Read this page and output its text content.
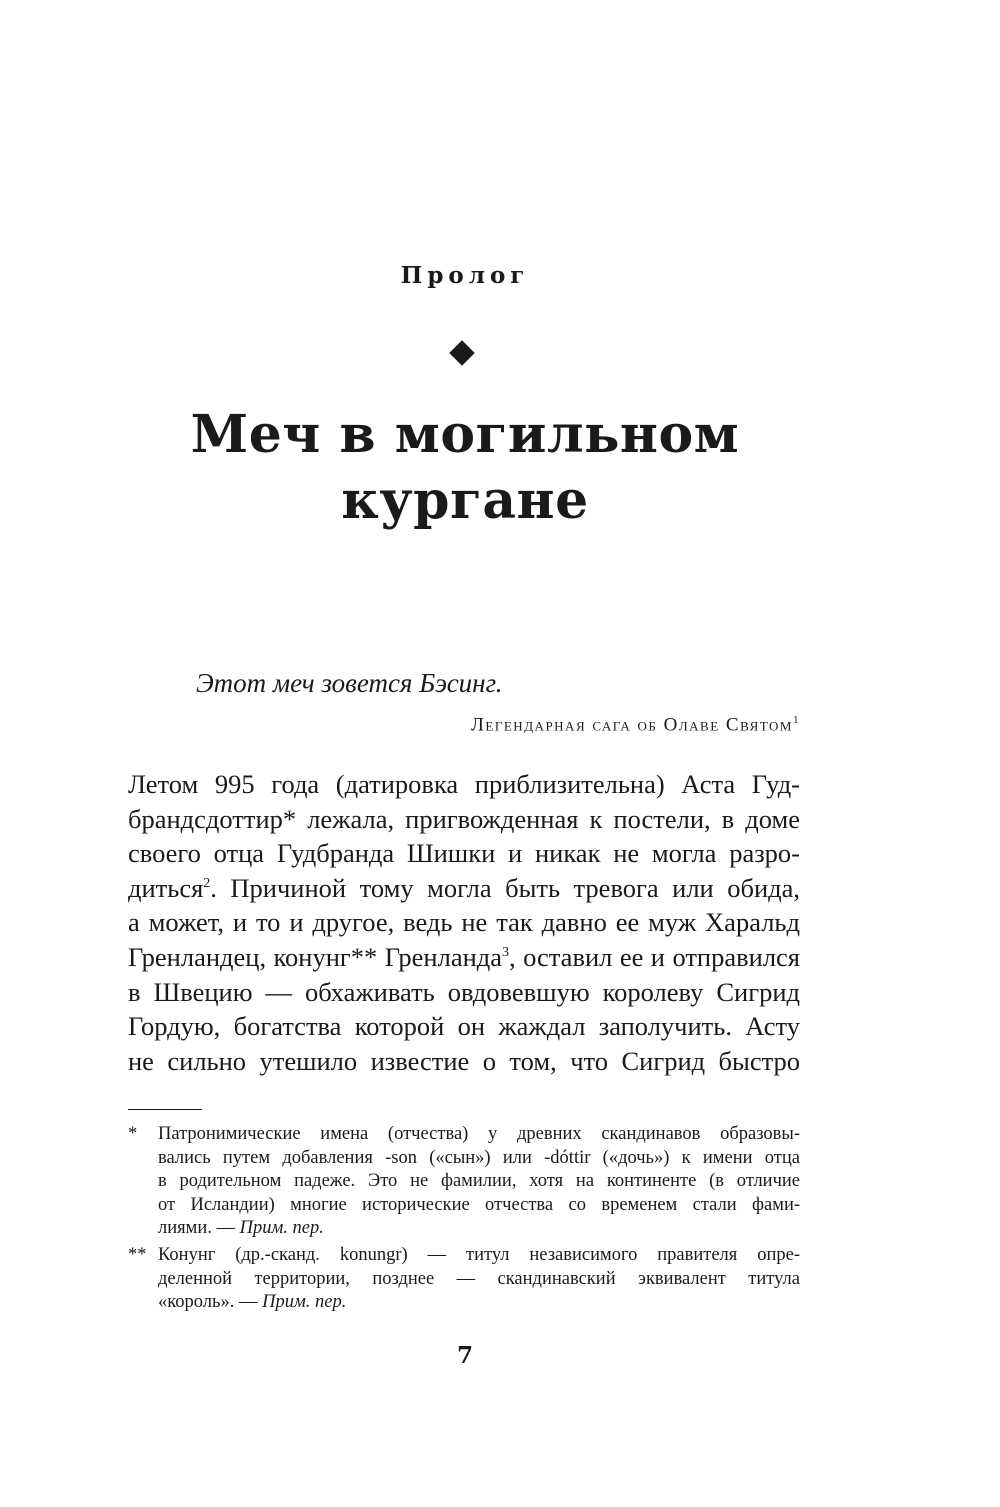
Пролог
Меч в могильном
кургане
Этот меч зовется Бэсинг.
Легендарная сага об Олаве Святом$^1$
Летом 995 года (датировка приблизительна) Аста Гуд-
брандсдоттир* лежала, пригвожденная к постели, в доме
своего отца Гудбранда Шишки и никак не могла разро-
диться$^2$. Причиной тому могла быть тревога или обида,
а может, и то и другое, ведь не так давно ее муж Харальд
Гренландец, конунг** Гренланда$^3$, оставил ее и отправился
в Швецию — обхаживать овдовевшую королеву Сигрид
Гордую, богатства которой он жаждал заполучить. Асту
не сильно утешило известие о том, что Сигрид быстро
* Патронимические имена (отчества) у древних скандинавов образовы-
вались путем добавления -son («сын») или -dóttir («дочь») к имени отца
в родительном падеже. Это не фамилии, хотя на континенте (в отличие
от Исландии) многие исторические отчества со временем стали фами-
лиями. — Прим. пер.
** Конунг (др.-сканд. konungr) — титул независимого правителя опре-
деленной территории, позднее — скандинавский эквивалент титула
«король». — Прим. пер.
7
